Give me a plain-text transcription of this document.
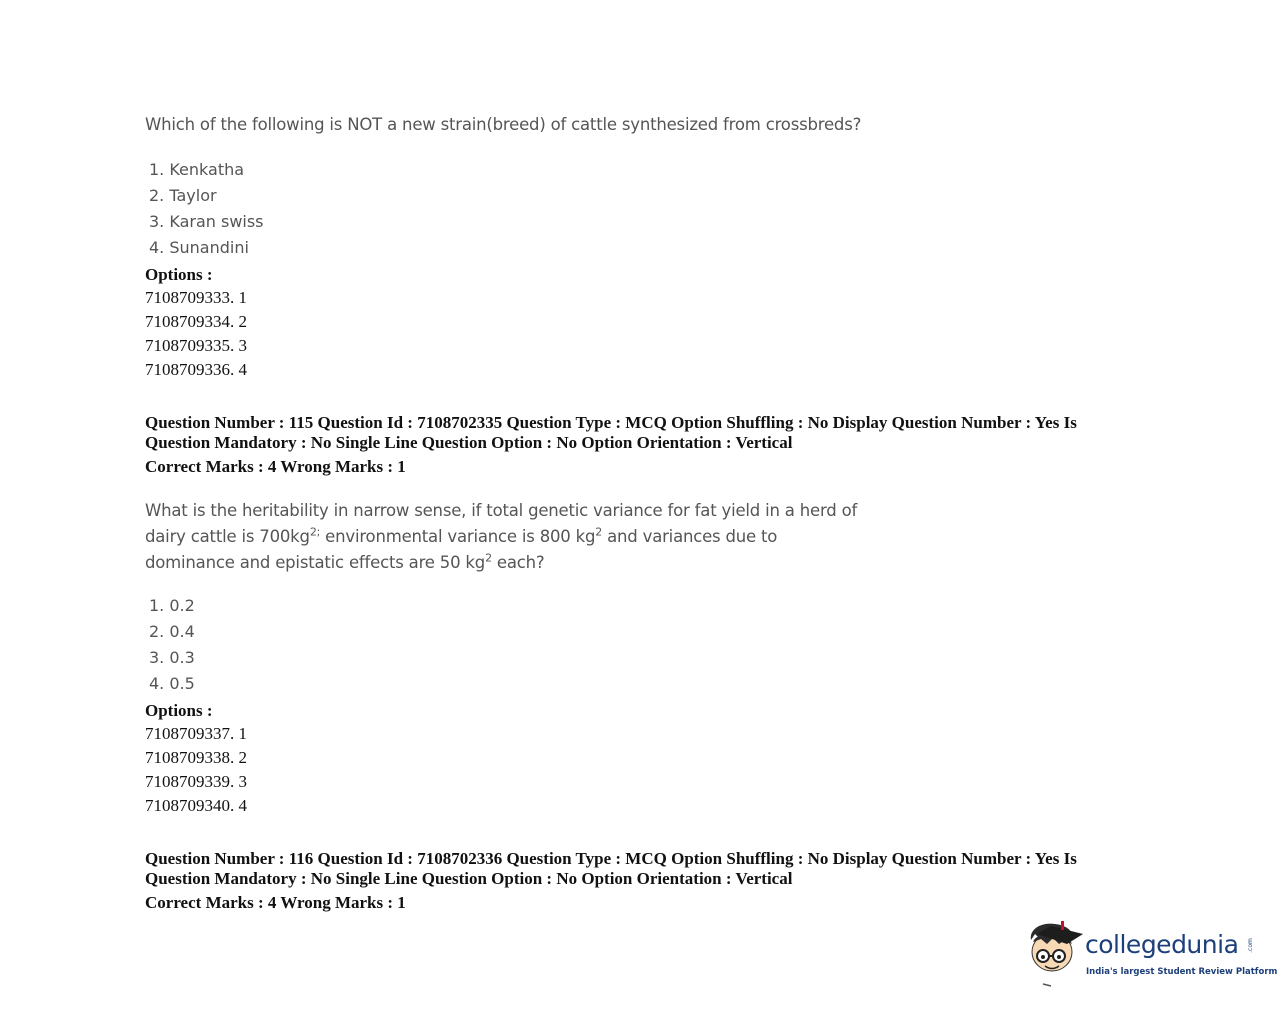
Which of the following is NOT a new strain(breed) of cattle synthesized from crossbreds?
1. Kenkatha
2. Taylor
3. Karan swiss
4. Sunandini
Options :
7108709333. 1
7108709334. 2
7108709335. 3
7108709336. 4
Question Number : 115 Question Id : 7108702335 Question Type : MCQ Option Shuffling : No Display Question Number : Yes Is
Question Mandatory : No Single Line Question Option : No Option Orientation : Vertical
Correct Marks : 4 Wrong Marks : 1
What is the heritability in narrow sense, if total genetic variance for fat yield in a herd of dairy cattle is $700kg^{2;}$ environmental variance is 800 $kg^2$ and variances due to dominance and epistatic effects are 50 $kg^2$ each?
1. 0.2
2. 0.4
3. 0.3
4. 0.5
Options :
7108709337. 1
7108709338. 2
7108709339. 3
7108709340. 4
Question Number : 116 Question Id : 7108702336 Question Type : MCQ Option Shuffling : No Display Question Number : Yes Is
Question Mandatory : No Single Line Question Option : No Option Orientation : Vertical
Correct Marks : 4 Wrong Marks : 1
collegedunia .com
India's largest Student Review Platform
